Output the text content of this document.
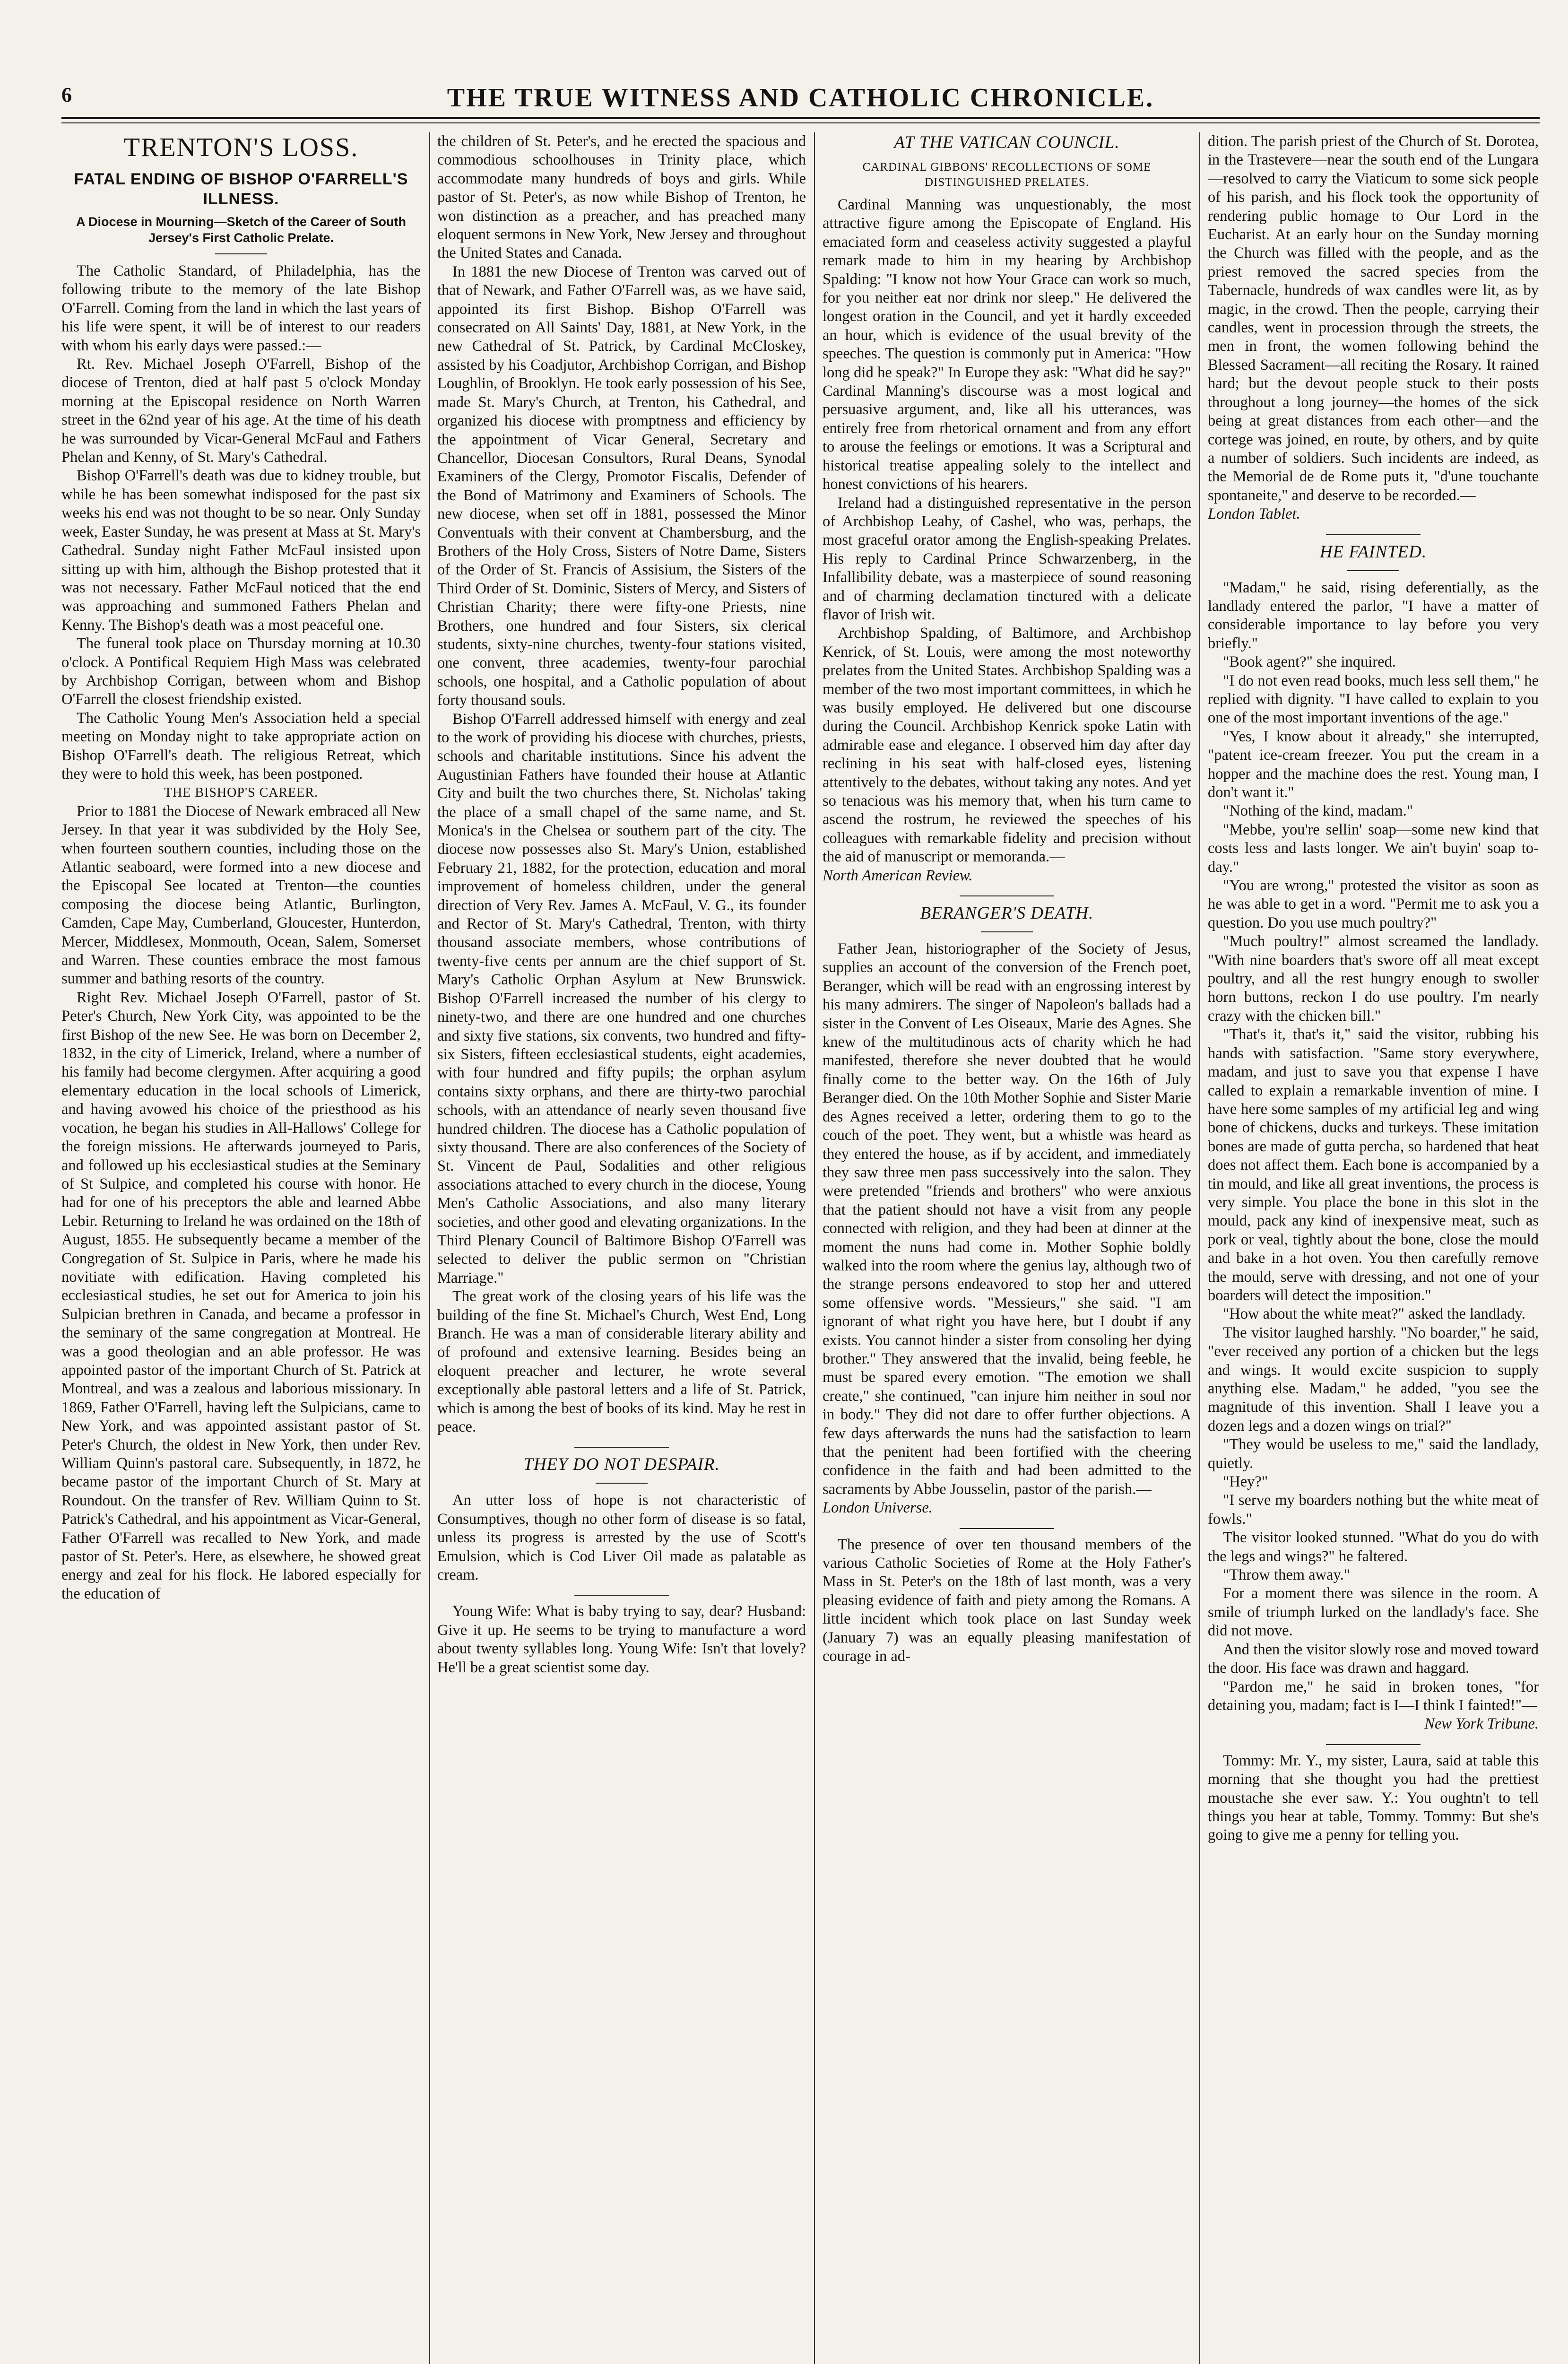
6	THE TRUE WITNESS AND CATHOLIC CHRONICLE.
TRENTON'S LOSS.
FATAL ENDING OF BISHOP O'FARRELL'S ILLNESS.
A Diocese in Mourning—Sketch of the Career of South Jersey's First Catholic Prelate.

The Catholic Standard, of Philadelphia, has the following tribute to the memory of the late Bishop O'Farrell. Coming from the land in which the last years of his life were spent, it will be of interest to our readers with whom his early days were passed.:—

Rt. Rev. Michael Joseph O'Farrell, Bishop of the diocese of Trenton, died at half past 5 o'clock Monday morning at the Episcopal residence on North Warren street in the 62nd year of his age. At the time of his death he was surrounded by Vicar-General McFaul and Fathers Phelan and Kenny, of St. Mary's Cathedral.

Bishop O'Farrell's death was due to kidney trouble, but while he has been somewhat indisposed for the past six weeks his end was not thought to be so near. Only Sunday week, Easter Sunday, he was present at Mass at St. Mary's Cathedral. Sunday night Father McFaul insisted upon sitting up with him, although the Bishop protested that it was not necessary. Father McFaul noticed that the end was approaching and summoned Fathers Phelan and Kenny. The Bishop's death was a most peaceful one.

The funeral took place on Thursday morning at 10.30 o'clock. A Pontifical Requiem High Mass was celebrated by Archbishop Corrigan, between whom and Bishop O'Farrell the closest friendship existed.

The Catholic Young Men's Association held a special meeting on Monday night to take appropriate action on Bishop O'Farrell's death. The religious Retreat, which they were to hold this week, has been postponed.

THE BISHOP'S CAREER.

Prior to 1881 the Diocese of Newark embraced all New Jersey. In that year it was subdivided by the Holy See, when fourteen southern counties, including those on the Atlantic seaboard, were formed into a new diocese and the Episcopal See located at Trenton—the counties composing the diocese being Atlantic, Burlington, Camden, Cape May, Cumberland, Gloucester, Hunterdon, Mercer, Middlesex, Monmouth, Ocean, Salem, Somerset and Warren. These counties embrace the most famous summer and bathing resorts of the country.

Right Rev. Michael Joseph O'Farrell, pastor of St. Peter's Church, New York City, was appointed to be the first Bishop of the new See. He was born on December 2, 1832, in the city of Limerick, Ireland, where a number of his family had become clergymen. After acquiring a good elementary education in the local schools of Limerick, and having avowed his choice of the priesthood as his vocation, he began his studies in All-Hallows' College for the foreign missions. He afterwards journeyed to Paris, and followed up his ecclesiastical studies at the Seminary of St Sulpice, and completed his course with honor. He had for one of his preceptors the able and learned Abbe Lebir. Returning to Ireland he was ordained on the 18th of August, 1855. He subsequently became a member of the Congregation of St. Sulpice in Paris, where he made his novitiate with edification. Having completed his ecclesiastical studies, he set out for America to join his Sulpician brethren in Canada, and became a professor in the seminary of the same congregation at Montreal. He was a good theologian and an able professor. He was appointed pastor of the important Church of St. Patrick at Montreal, and was a zealous and laborious missionary. In 1869, Father O'Farrell, having left the Sulpicians, came to New York, and was appointed assistant pastor of St. Peter's Church, the oldest in New York, then under Rev. William Quinn's pastoral care. Subsequently, in 1872, he became pastor of the important Church of St. Mary at Roundout. On the transfer of Rev. William Quinn to St. Patrick's Cathedral, and his appointment as Vicar-General, Father O'Farrell was recalled to New York, and made pastor of St. Peter's. Here, as elsewhere, he showed great energy and zeal for his flock. He labored especially for the education of

the children of St. Peter's, and he erected the spacious and commodious schoolhouses in Trinity place, which accommodate many hundreds of boys and girls. While pastor of St. Peter's, as now while Bishop of Trenton, he won distinction as a preacher, and has preached many eloquent sermons in New York, New Jersey and throughout the United States and Canada.

In 1881 the new Diocese of Trenton was carved out of that of Newark, and Father O'Farrell was, as we have said, appointed its first Bishop. Bishop O'Farrell was consecrated on All Saints' Day, 1881, at New York, in the new Cathedral of St. Patrick, by Cardinal McCloskey, assisted by his Coadjutor, Archbishop Corrigan, and Bishop Loughlin, of Brooklyn. He took early possession of his See, made St. Mary's Church, at Trenton, his Cathedral, and organized his diocese with promptness and efficiency by the appointment of Vicar General, Secretary and Chancellor, Diocesan Consultors, Rural Deans, Synodal Examiners of the Clergy, Promotor Fiscalis, Defender of the Bond of Matrimony and Examiners of Schools. The new diocese, when set off in 1881, possessed the Minor Conventuals with their convent at Chambersburg, and the Brothers of the Holy Cross, Sisters of Notre Dame, Sisters of the Order of St. Francis of Assisium, the Sisters of the Third Order of St. Dominic, Sisters of Mercy, and Sisters of Christian Charity; there were fifty-one Priests, nine Brothers, one hundred and four Sisters, six clerical students, sixty-nine churches, twenty-four stations visited, one convent, three academies, twenty-four parochial schools, one hospital, and a Catholic population of about forty thousand souls.

Bishop O'Farrell addressed himself with energy and zeal to the work of providing his diocese with churches, priests, schools and charitable institutions. Since his advent the Augustinian Fathers have founded their house at Atlantic City and built the two churches there, St. Nicholas' taking the place of a small chapel of the same name, and St. Monica's in the Chelsea or southern part of the city. The diocese now possesses also St. Mary's Union, established February 21, 1882, for the protection, education and moral improvement of homeless children, under the general direction of Very Rev. James A. McFaul, V. G., its founder and Rector of St. Mary's Cathedral, Trenton, with thirty thousand associate members, whose contributions of twenty-five cents per annum are the chief support of St. Mary's Catholic Orphan Asylum at New Brunswick. Bishop O'Farrell increased the number of his clergy to ninety-two, and there are one hundred and one churches and sixty five stations, six convents, two hundred and fifty-six Sisters, fifteen ecclesiastical students, eight academies, with four hundred and fifty pupils; the orphan asylum contains sixty orphans, and there are thirty-two parochial schools, with an attendance of nearly seven thousand five hundred children. The diocese has a Catholic population of sixty thousand. There are also conferences of the Society of St. Vincent de Paul, Sodalities and other religious associations attached to every church in the diocese, Young Men's Catholic Associations, and also many literary societies, and other good and elevating organizations. In the Third Plenary Council of Baltimore Bishop O'Farrell was selected to deliver the public sermon on "Christian Marriage."

The great work of the closing years of his life was the building of the fine St. Michael's Church, West End, Long Branch. He was a man of considerable literary ability and of profound and extensive learning. Besides being an eloquent preacher and lecturer, he wrote several exceptionally able pastoral letters and a life of St. Patrick, which is among the best of books of its kind. May he rest in peace.

THEY DO NOT DESPAIR.

An utter loss of hope is not characteristic of Consumptives, though no other form of disease is so fatal, unless its progress is arrested by the use of Scott's Emulsion, which is Cod Liver Oil made as palatable as cream.

Young Wife: What is baby trying to say, dear? Husband: Give it up. He seems to be trying to manufacture a word about twenty syllables long. Young Wife: Isn't that lovely? He'll be a great scientist some day.

AT THE VATICAN COUNCIL.
CARDINAL GIBBONS' RECOLLECTIONS OF SOME DISTINGUISHED PRELATES.

Cardinal Manning was unquestionably, the most attractive figure among the Episcopate of England. His emaciated form and ceaseless activity suggested a playful remark made to him in my hearing by Archbishop Spalding: "I know not how Your Grace can work so much, for you neither eat nor drink nor sleep." He delivered the longest oration in the Council, and yet it hardly exceeded an hour, which is evidence of the usual brevity of the speeches. The question is commonly put in America: "How long did he speak?" In Europe they ask: "What did he say?" Cardinal Manning's discourse was a most logical and persuasive argument, and, like all his utterances, was entirely free from rhetorical ornament and from any effort to arouse the feelings or emotions. It was a Scriptural and historical treatise appealing solely to the intellect and honest convictions of his hearers.

Ireland had a distinguished representative in the person of Archbishop Leahy, of Cashel, who was, perhaps, the most graceful orator among the English-speaking Prelates. His reply to Cardinal Prince Schwarzenberg, in the Infallibility debate, was a masterpiece of sound reasoning and of charming declamation tinctured with a delicate flavor of Irish wit.

Archbishop Spalding, of Baltimore, and Archbishop Kenrick, of St. Louis, were among the most noteworthy prelates from the United States. Archbishop Spalding was a member of the two most important committees, in which he was busily employed. He delivered but one discourse during the Council. Archbishop Kenrick spoke Latin with admirable ease and elegance. I observed him day after day reclining in his seat with half-closed eyes, listening attentively to the debates, without taking any notes. And yet so tenacious was his memory that, when his turn came to ascend the rostrum, he reviewed the speeches of his colleagues with remarkable fidelity and precision without the aid of manuscript or memoranda.—

North American Review.

BERANGER'S DEATH.

Father Jean, historiographer of the Society of Jesus, supplies an account of the conversion of the French poet, Beranger, which will be read with an engrossing interest by his many admirers. The singer of Napoleon's ballads had a sister in the Convent of Les Oiseaux, Marie des Agnes. She knew of the multitudinous acts of charity which he had manifested, therefore she never doubted that he would finally come to the better way. On the 16th of July Beranger died. On the 10th Mother Sophie and Sister Marie des Agnes received a letter, ordering them to go to the couch of the poet. They went, but a whistle was heard as they entered the house, as if by accident, and immediately they saw three men pass successively into the salon. They were pretended "friends and brothers" who were anxious that the patient should not have a visit from any people connected with religion, and they had been at dinner at the moment the nuns had come in. Mother Sophie boldly walked into the room where the genius lay, although two of the strange persons endeavored to stop her and uttered some offensive words. "Messieurs," she said. "I am ignorant of what right you have here, but I doubt if any exists. You cannot hinder a sister from consoling her dying brother." They answered that the invalid, being feeble, he must be spared every emotion. "The emotion we shall create," she continued, "can injure him neither in soul nor in body." They did not dare to offer further objections. A few days afterwards the nuns had the satisfaction to learn that the penitent had been fortified with the cheering confidence in the faith and had been admitted to the sacraments by Abbe Jousselin, pastor of the parish.—

London Universe.

The presence of over ten thousand members of the various Catholic Societies of Rome at the Holy Father's Mass in St. Peter's on the 18th of last month, was a very pleasing evidence of faith and piety among the Romans. A little incident which took place on last Sunday week (January 7) was an equally pleasing manifestation of courage in ad-

dition. The parish priest of the Church of St. Dorotea, in the Trastevere—near the south end of the Lungara—resolved to carry the Viaticum to some sick people of his parish, and his flock took the opportunity of rendering public homage to Our Lord in the Eucharist. At an early hour on the Sunday morning the Church was filled with the people, and as the priest removed the sacred species from the Tabernacle, hundreds of wax candles were lit, as by magic, in the crowd. Then the people, carrying their candles, went in procession through the streets, the men in front, the women following behind the Blessed Sacrament—all reciting the Rosary. It rained hard; but the devout people stuck to their posts throughout a long journey—the homes of the sick being at great distances from each other—and the cortege was joined, en route, by others, and by quite a number of soldiers. Such incidents are indeed, as the Memorial de de Rome puts it, "d'une touchante spontaneite," and deserve to be recorded.—

London Tablet.

HE FAINTED.

"Madam," he said, rising deferentially, as the landlady entered the parlor, "I have a matter of considerable importance to lay before you very briefly."

"Book agent?" she inquired.

"I do not even read books, much less sell them," he replied with dignity. "I have called to explain to you one of the most important inventions of the age."

"Yes, I know about it already," she interrupted, "patent ice-cream freezer. You put the cream in a hopper and the machine does the rest. Young man, I don't want it."

"Nothing of the kind, madam."

"Mebbe, you're sellin' soap—some new kind that costs less and lasts longer. We ain't buyin' soap to-day."

"You are wrong," protested the visitor as soon as he was able to get in a word. "Permit me to ask you a question. Do you use much poultry?"

"Much poultry!" almost screamed the landlady. "With nine boarders that's swore off all meat except poultry, and all the rest hungry enough to swoller horn buttons, reckon I do use poultry. I'm nearly crazy with the chicken bill."

"That's it, that's it," said the visitor, rubbing his hands with satisfaction. "Same story everywhere, madam, and just to save you that expense I have called to explain a remarkable invention of mine. I have here some samples of my artificial leg and wing bone of chickens, ducks and turkeys. These imitation bones are made of gutta percha, so hardened that heat does not affect them. Each bone is accompanied by a tin mould, and like all great inventions, the process is very simple. You place the bone in this slot in the mould, pack any kind of inexpensive meat, such as pork or veal, tightly about the bone, close the mould and bake in a hot oven. You then carefully remove the mould, serve with dressing, and not one of your boarders will detect the imposition."

"How about the white meat?" asked the landlady.

The visitor laughed harshly. "No boarder," he said, "ever received any portion of a chicken but the legs and wings. It would excite suspicion to supply anything else. Madam," he added, "you see the magnitude of this invention. Shall I leave you a dozen legs and a dozen wings on trial?"

"They would be useless to me," said the landlady, quietly.

"Hey?"

"I serve my boarders nothing but the white meat of fowls."

The visitor looked stunned. "What do you do with the legs and wings?" he faltered.

"Throw them away."

For a moment there was silence in the room. A smile of triumph lurked on the landlady's face. She did not move.

And then the visitor slowly rose and moved toward the door. His face was drawn and haggard.

"Pardon me," he said in broken tones, "for detaining you, madam; fact is I—I think I fainted!"—

New York Tribune.

Tommy: Mr. Y., my sister, Laura, said at table this morning that she thought you had the prettiest moustache she ever saw. Y.: You oughtn't to tell things you hear at table, Tommy. Tommy: But she's going to give me a penny for telling you.
